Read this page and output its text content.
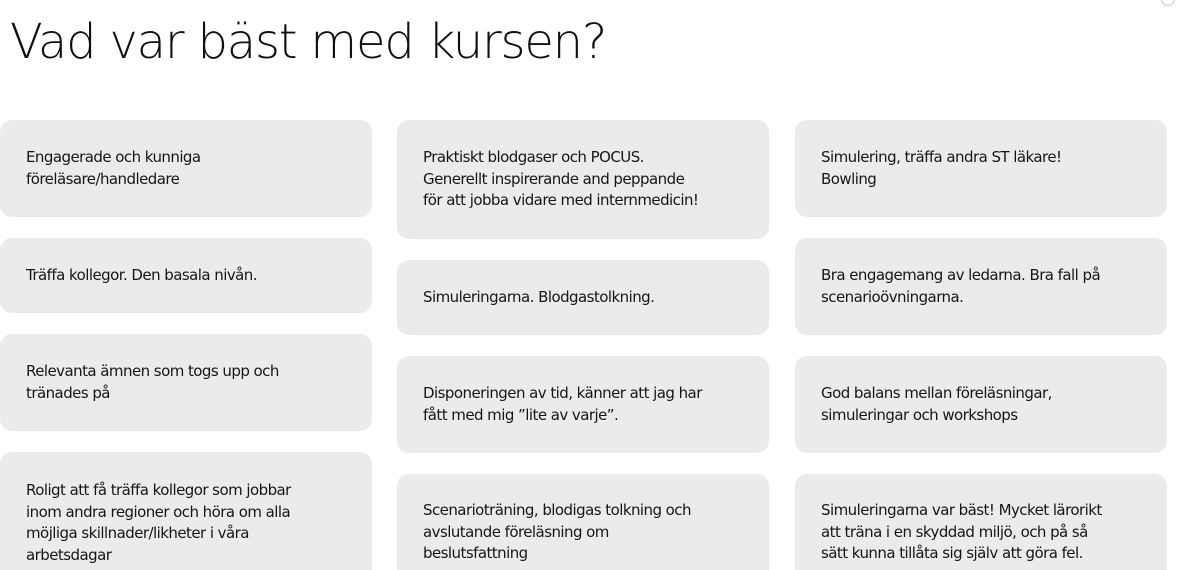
Vad var bäst med kursen?
Engagerade och kunniga
föreläsare/handledare
Träffa kollegor. Den basala nivån.
Relevanta ämnen som togs upp och
tränades på
Roligt att få träffa kollegor som jobbar
inom andra regioner och höra om alla
möjliga skillnader/likheter i våra
arbetsdagar
Praktiskt blodgaser och POCUS.
Generellt inspirerande and peppande
för att jobba vidare med internmedicin!
Simuleringarna. Blodgastolkning.
Disponeringen av tid, känner att jag har
fått med mig ”lite av varje”.
Scenarioträning, blodigas tolkning och
avslutande föreläsning om
beslutsfattning
Simulering, träffa andra ST läkare!
Bowling
Bra engagemang av ledarna. Bra fall på
scenarioövningarna.
God balans mellan föreläsningar,
simuleringar och workshops
Simuleringarna var bäst! Mycket lärorikt
att träna i en skyddad miljö, och på så
sätt kunna tillåta sig själv att göra fel.
